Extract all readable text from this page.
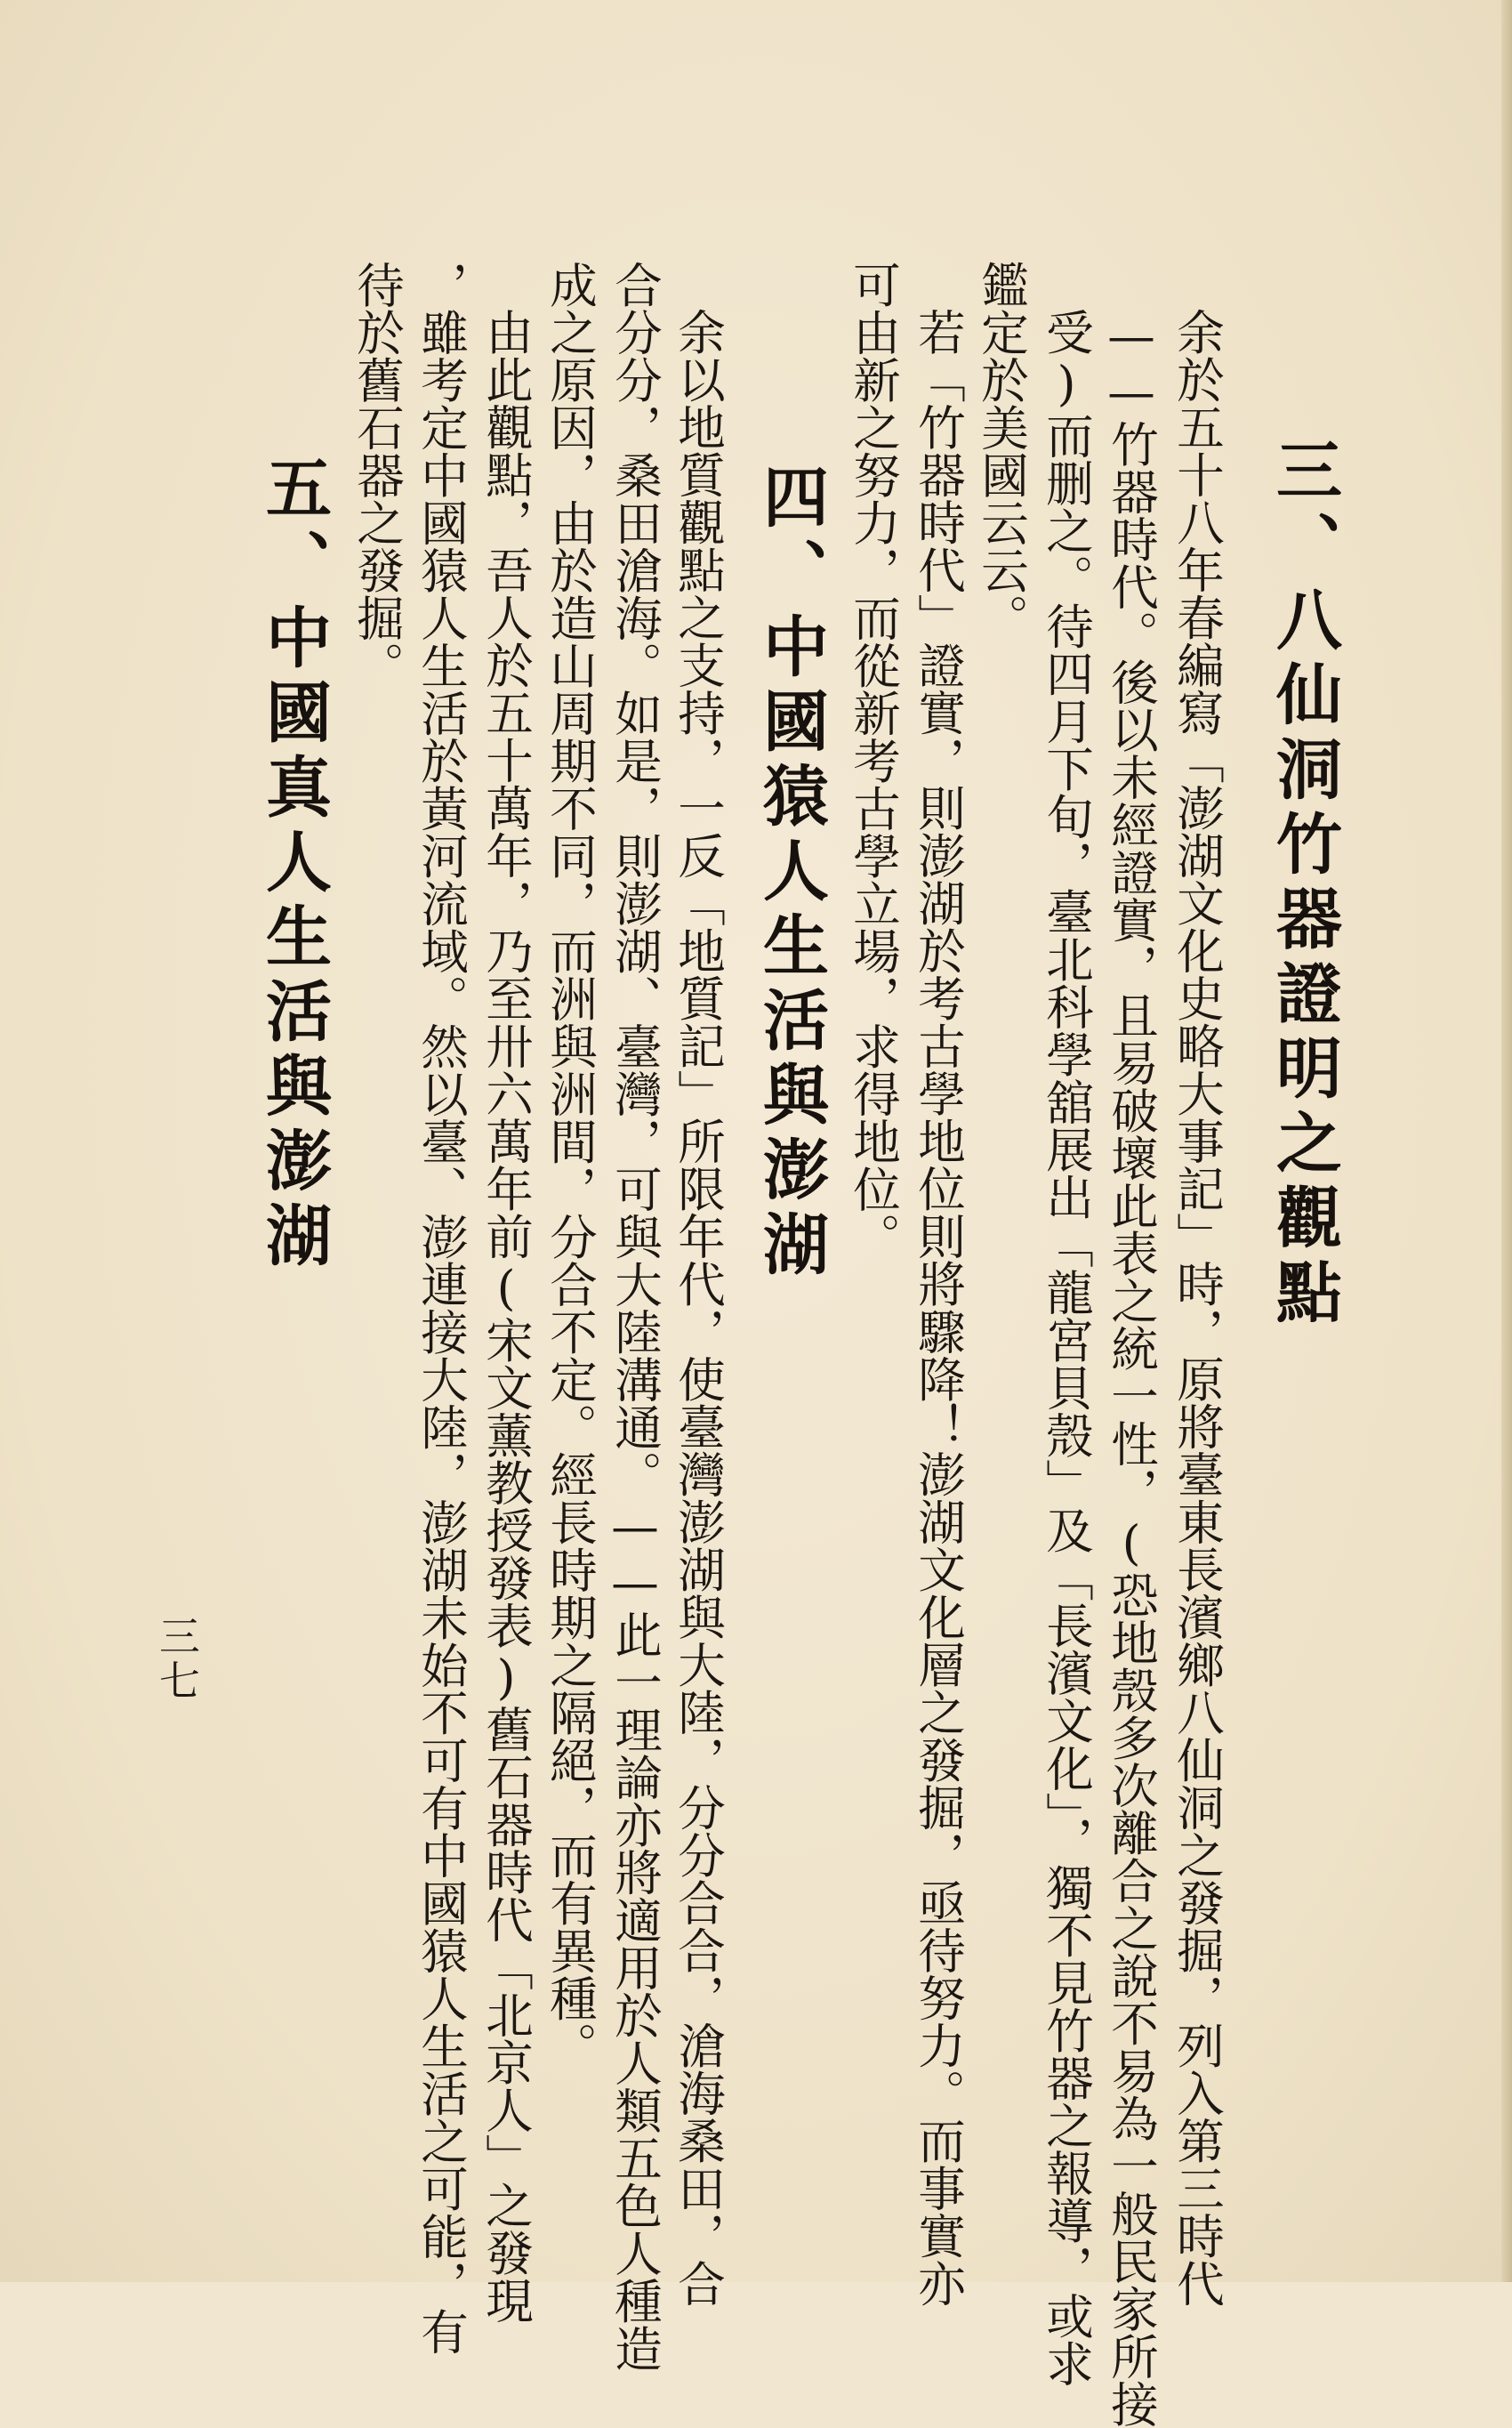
三、八仙洞竹器證明之觀點
余於五十八年春編寫「澎湖文化史略大事記」時，原將臺東長濱鄉八仙洞之發掘，列入第三時代
——竹器時代。後以未經證實，且易破壞此表之統一性，(恐地殼多次離合之說不易為一般民家所接
受)而删之。待四月下旬，臺北科學舘展出「龍宮貝殼」及「長濱文化」，獨不見竹器之報導，或求
鑑定於美國云云。
若「竹器時代」證實，則澎湖於考古學地位則將驟降！澎湖文化層之發掘，亟待努力。而事實亦
可由新之努力，而從新考古學立場，求得地位。
四、中國猿人生活與澎湖
余以地質觀點之支持，一反「地質記」所限年代，使臺灣澎湖與大陸，分分合合，滄海桑田，合
合分分，桑田滄海。如是，則澎湖、臺灣，可與大陸溝通。——此一理論亦將適用於人類五色人種造
成之原因，由於造山周期不同，而洲與洲間，分合不定。經長時期之隔絕，而有異種。
由此觀點，吾人於五十萬年，乃至卅六萬年前(宋文薰教授發表)舊石器時代「北京人」之發現
，雖考定中國猿人生活於黃河流域。然以臺、澎連接大陸，澎湖未始不可有中國猿人生活之可能，有
待於舊石器之發掘。
五、中國真人生活與澎湖
三七
